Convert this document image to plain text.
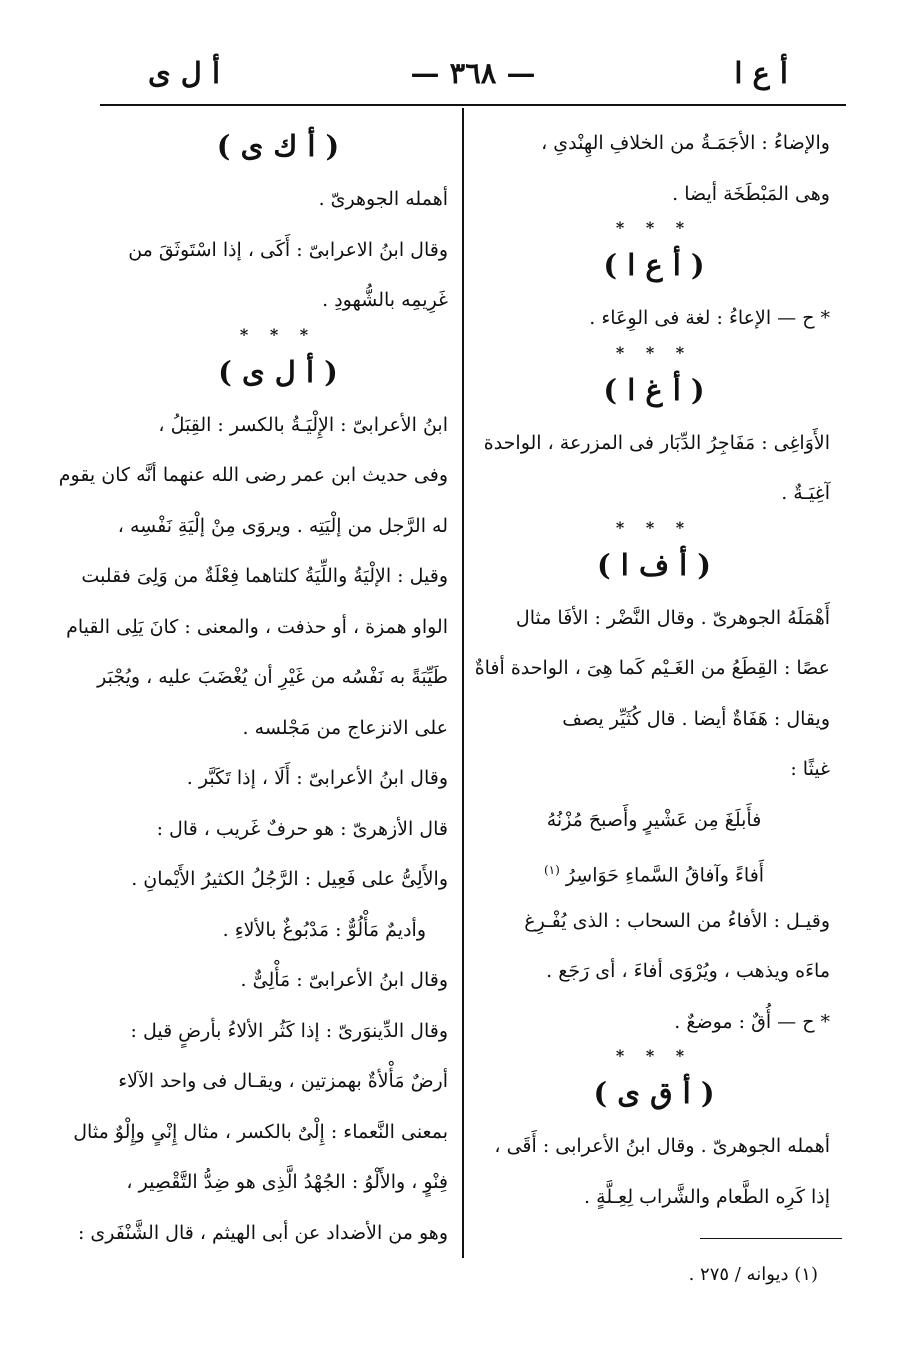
أ ع ا
— ٣٦٨ —
أ ل ى
والإضاءُ : الأجَمَـةُ من الخلافِ الهِنْدىِ ،
وهى المَبْطَخَة أيضا .
* * *
( أ ع ا )
* ح — الإعاءُ : لغة فى الوِعَاء .
* * *
( أ غ ا )
الأَوَاغِى : مَفَاجِرُ الدِّبَار فى المزرعة ، الواحدة
آغِيَـةٌ .
* * *
( أ ف ا )
أَهْمَلَهُ الجوهرىّ . وقال النَّضْر : الأفَا مثال
عصًا : القِطَعُ من الغَـيْم كَما هِىَ ، الواحدة أفاةٌ
ويقال : هَفَاةٌ أيضا . قال كُثَيِّر يصف
غيثًا :
فأَبلَغَ مِن عَشْيرٍ وأَصبحَ مُزْنُهُ
أَفاءً وآفاقُ السَّماءِ حَوَاسِرُ $^{(١)}$
وقيـل : الأفاءُ من السحاب : الذى يُفْـرِغ
ماءَه ويذهب ، ويُرْوَى أفاءَ ، أى رَجَع .
* ح — أُقٌ : موضعٌ .
* * *
( أ ق ى )
أهمله الجوهرىّ . وقال ابنُ الأعرابى : أَقَى ،
إذا كَرِه الطَّعام والشَّراب لِعِـلَّةٍ .
( أ ك ى )
أهمله الجوهرىّ .
وقال ابنُ الاعرابىّ : أَكَى ، إذا اسْتَوثَقَ من
غَرِيمِه بالشُّهودِ .
* * *
( أ ل ى )
ابنُ الأعرابىّ : الإِلْيَـةُ بالكسر : القِبَلُ ،
وفى حديث ابن عمر رضى الله عنهما أنَّه كان يقوم
له الرَّجل من إلْيَتِه . ويروَى مِنْ إلْيَةِ نَفْسِه ،
وقيل : الإلْيَةُ واللِّيَةُ كلتاهما فِعْلَةٌ من وَلِىَ فقلبت
الواو همزة ، أو حذفت ، والمعنى : كانَ يَلِى القيام
طَيِّبَةً به نَفْسُه من غَيْرِ أن يُغْضَبَ عليه ، ويُجْبَر
على الانزعاج من مَجْلسه .
وقال ابنُ الأعرابىّ : أَلَا ، إذا تَكَبَّر .
قال الأزهرىّ : هو حرفٌ غَريب ، قال :
والأَلِىُّ على فَعِيل : الرَّجُلُ الكثيرُ الأَيْمانِ .
وأديمٌ مَأْلُوٌّ : مَدْبُوغٌ بالألاءِ .
وقال ابنُ الأعرابىّ : مَأْلِىٌّ .
وقال الدِّينوَرىّ : إذا كَثُر الألاءُ بأرضٍ قيل :
أرضٌ مَأْلأةٌ بهمزتين ، ويقـال فى واحد الآلاء
بمعنى النَّعماء : إِلْىٌ بالكسر ، مثال إِنْىٍ وإِلْوٌ مثال
فِنْوٍ ، والأَلْوُ : الجُهْدُ الَّذِى هو ضِدُّ التَّقْصِير ،
وهو من الأضداد عن أبى الهيثم ، قال الشَّنْفَرى :
(١) ديوانه / ٢٧٥ .
